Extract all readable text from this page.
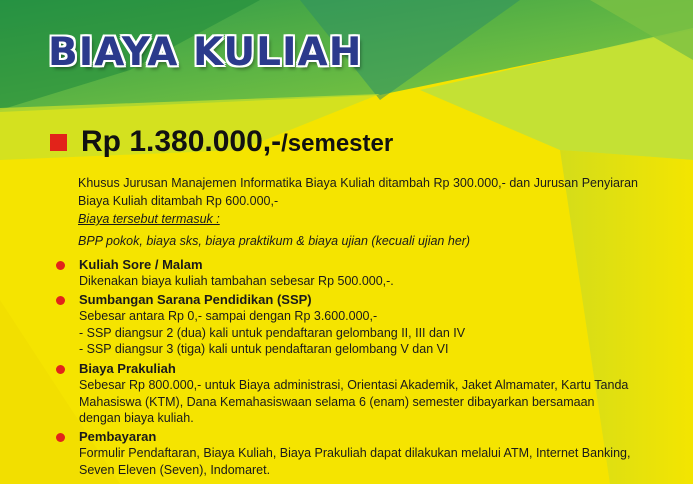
BIAYA KULIAH
Rp 1.380.000,- /semester
Khusus Jurusan Manajemen Informatika Biaya Kuliah ditambah Rp 300.000,- dan Jurusan Penyiaran Biaya Kuliah ditambah Rp 600.000,-
Biaya tersebut termasuk :
BPP pokok, biaya sks, biaya praktikum & biaya ujian (kecuali ujian her)
Kuliah Sore / Malam

Dikenakan biaya kuliah tambahan sebesar Rp 500.000,-.

Sumbangan Sarana Pendidikan (SSP)

Sebesar antara Rp 0,- sampai dengan Rp 3.600.000,-

- SSP diangsur 2 (dua) kali untuk pendaftaran gelombang II, III dan IV

- SSP diangsur 3 (tiga) kali untuk pendaftaran gelombang V dan VI

Biaya Prakuliah

Sebesar Rp 800.000,- untuk Biaya administrasi, Orientasi Akademik, Jaket Almamater, Kartu Tanda Mahasiswa (KTM), Dana Kemahasiswaan selama 6 (enam) semester dibayarkan bersamaan dengan biaya kuliah.

Pembayaran

Formulir Pendaftaran, Biaya Kuliah, Biaya Prakuliah dapat dilakukan melalui ATM, Internet Banking, Seven Eleven (Seven), Indomaret.
